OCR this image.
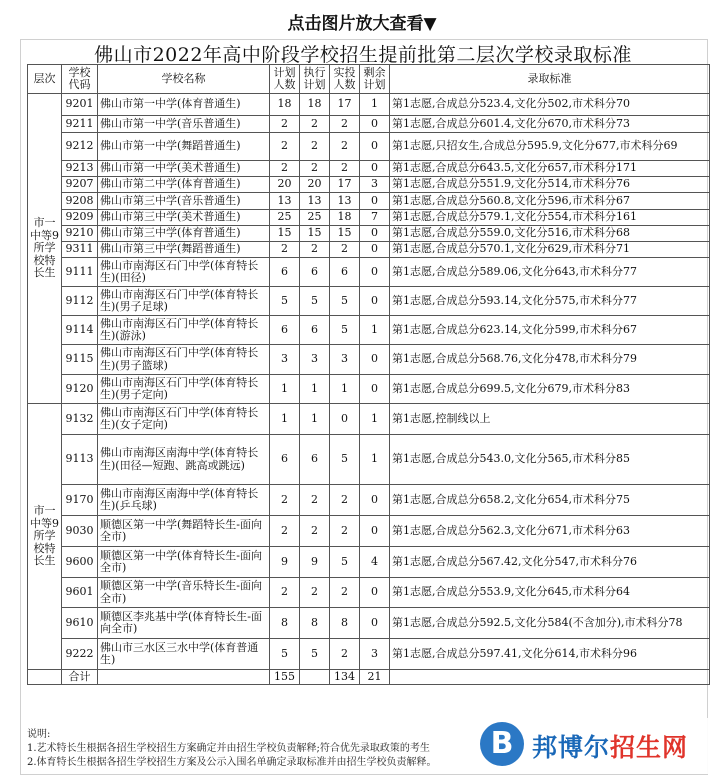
点击图片放大查看▼
佛山市2022年高中阶段学校招生提前批第二层次学校录取标准
层次	学校代码	学校名称	计划人数	执行计划	实投人数	剩余计划	录取标准
市一中等9所学校特长生	9201	佛山市第一中学(体育普通生)	18	18	17	1	第1志愿,合成总分523.4,文化分502,市术科分70
	9211	佛山市第一中学(音乐普通生)	2	2	2	0	第1志愿,合成总分601.4,文化分670,市术科分73
	9212	佛山市第一中学(舞蹈普通生)	2	2	2	0	第1志愿,只招女生,合成总分595.9,文化分677,市术科分69
	9213	佛山市第一中学(美术普通生)	2	2	2	0	第1志愿,合成总分643.5,文化分657,市术科分171
	9207	佛山市第二中学(体育普通生)	20	20	17	3	第1志愿,合成总分551.9,文化分514,市术科分76
	9208	佛山市第三中学(音乐普通生)	13	13	13	0	第1志愿,合成总分560.8,文化分596,市术科分67
	9209	佛山市第三中学(美术普通生)	25	25	18	7	第1志愿,合成总分579.1,文化分554,市术科分161
	9210	佛山市第三中学(体育普通生)	15	15	15	0	第1志愿,合成总分559.0,文化分516,市术科分68
	9311	佛山市第三中学(舞蹈普通生)	2	2	2	0	第1志愿,合成总分570.1,文化分629,市术科分71
	9111	佛山市南海区石门中学(体育特长生)(田径)	6	6	6	0	第1志愿,合成总分589.06,文化分643,市术科分77
	9112	佛山市南海区石门中学(体育特长生)(男子足球)	5	5	5	0	第1志愿,合成总分593.14,文化分575,市术科分77
	9114	佛山市南海区石门中学(体育特长生)(游泳)	6	6	5	1	第1志愿,合成总分623.14,文化分599,市术科分67
	9115	佛山市南海区石门中学(体育特长生)(男子篮球)	3	3	3	0	第1志愿,合成总分568.76,文化分478,市术科分79
	9120	佛山市南海区石门中学(体育特长生)(男子定向)	1	1	1	0	第1志愿,合成总分699.5,文化分679,市术科分83
市一中等9所学校特长生	9132	佛山市南海区石门中学(体育特长生)(女子定向)	1	1	0	1	第1志愿,控制线以上
	9113	佛山市南海区南海中学(体育特长生)(田径—短跑、跳高或跳远)	6	6	5	1	第1志愿,合成总分543.0,文化分565,市术科分85
	9170	佛山市南海区南海中学(体育特长生)(乒乓球)	2	2	2	0	第1志愿,合成总分658.2,文化分654,市术科分75
	9030	顺德区第一中学(舞蹈特长生-面向全市)	2	2	2	0	第1志愿,合成总分562.3,文化分671,市术科分63
	9600	顺德区第一中学(体育特长生-面向全市)	9	9	5	4	第1志愿,合成总分567.42,文化分547,市术科分76
	9601	顺德区第一中学(音乐特长生-面向全市)	2	2	2	0	第1志愿,合成总分553.9,文化分645,市术科分64
	9610	顺德区李兆基中学(体育特长生-面向全市)	8	8	8	0	第1志愿,合成总分592.5,文化分584(不含加分),市术科分78
	9222	佛山市三水区三水中学(体育普通生)	5	5	2	3	第1志愿,合成总分597.41,文化分614,市术科分96
	合计		155		134	21	
说明:
1.艺术特长生根据各招生学校招生方案确定并由招生学校负责解释;符合优先录取政策的考生
2.体育特长生根据各招生学校招生方案及公示入围名单确定录取标准并由招生学校负责解释。
B 邦博尔招生网
